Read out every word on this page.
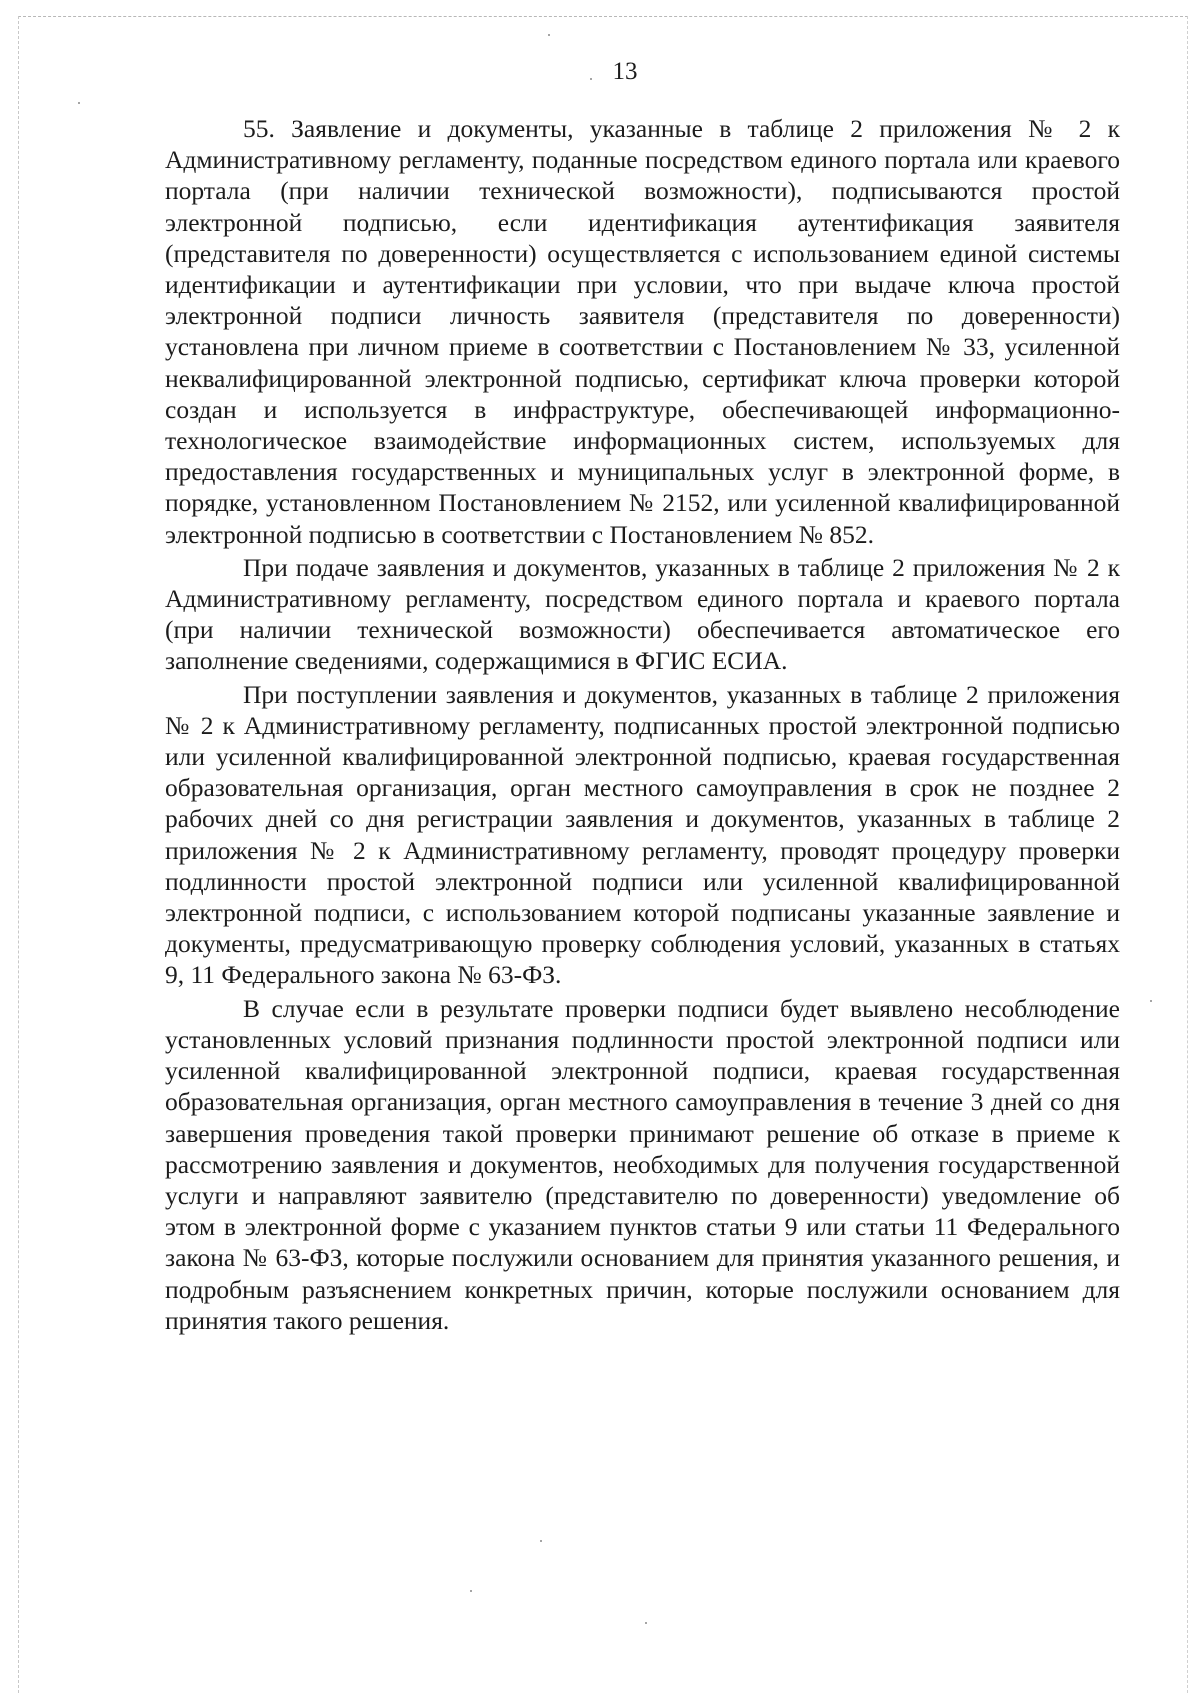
13

55. Заявление и документы, указанные в таблице 2 приложения № 2 к Административному регламенту, поданные посредством единого портала или краевого портала (при наличии технической возможности), подписываются простой электронной подписью, если идентификация аутентификация заявителя (представителя по доверенности) осуществляется с использованием единой системы идентификации и аутентификации при условии, что при выдаче ключа простой электронной подписи личность заявителя (представителя по доверенности) установлена при личном приеме в соответствии с Постановлением № 33, усиленной неквалифицированной электронной подписью, сертификат ключа проверки которой создан и используется в инфраструктуре, обеспечивающей информационно-технологическое взаимодействие информационных систем, используемых для предоставления государственных и муниципальных услуг в электронной форме, в порядке, установленном Постановлением № 2152, или усиленной квалифицированной электронной подписью в соответствии с Постановлением № 852.

При подаче заявления и документов, указанных в таблице 2 приложения № 2 к Административному регламенту, посредством единого портала и краевого портала (при наличии технической возможности) обеспечивается автоматическое его заполнение сведениями, содержащимися в ФГИС ЕСИА.

При поступлении заявления и документов, указанных в таблице 2 приложения № 2 к Административному регламенту, подписанных простой электронной подписью или усиленной квалифицированной электронной подписью, краевая государственная образовательная организация, орган местного самоуправления в срок не позднее 2 рабочих дней со дня регистрации заявления и документов, указанных в таблице 2 приложения № 2 к Административному регламенту, проводят процедуру проверки подлинности простой электронной подписи или усиленной квалифицированной электронной подписи, с использованием которой подписаны указанные заявление и документы, предусматривающую проверку соблюдения условий, указанных в статьях 9, 11 Федерального закона № 63-ФЗ.

В случае если в результате проверки подписи будет выявлено несоблюдение установленных условий признания подлинности простой электронной подписи или усиленной квалифицированной электронной подписи, краевая государственная образовательная организация, орган местного самоуправления в течение 3 дней со дня завершения проведения такой проверки принимают решение об отказе в приеме к рассмотрению заявления и документов, необходимых для получения государственной услуги и направляют заявителю (представителю по доверенности) уведомление об этом в электронной форме с указанием пунктов статьи 9 или статьи 11 Федерального закона № 63-ФЗ, которые послужили основанием для принятия указанного решения, и подробным разъяснением конкретных причин, которые послужили основанием для принятия такого решения.
